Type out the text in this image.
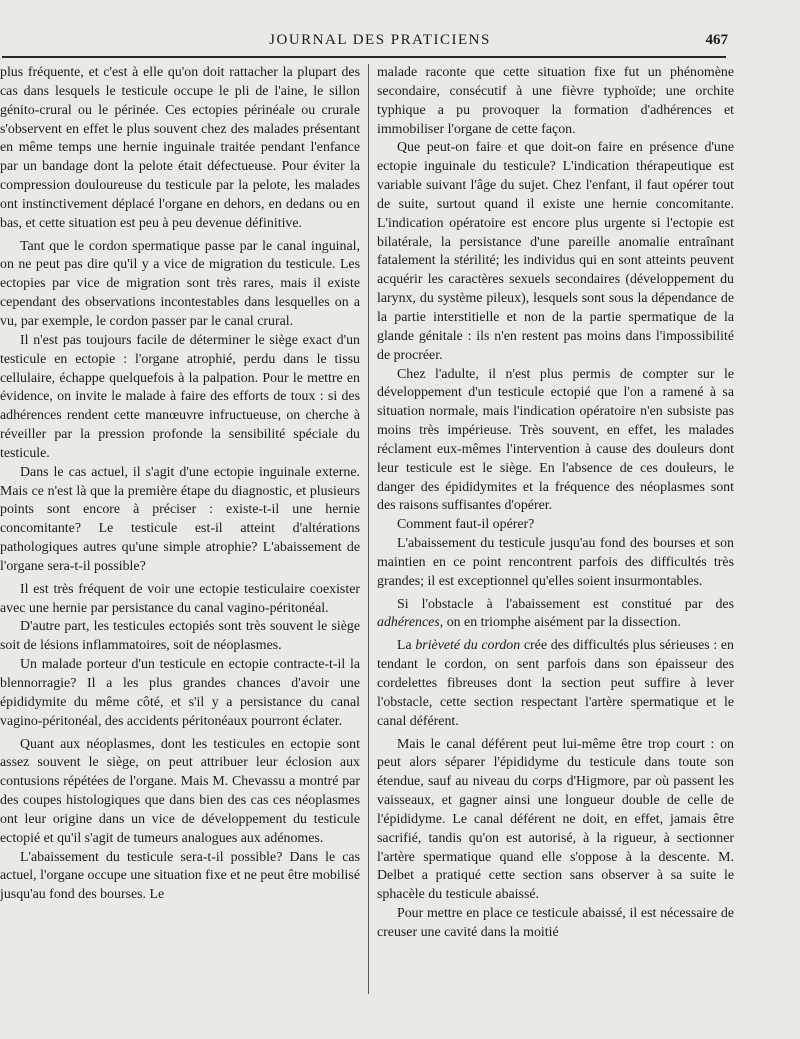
JOURNAL DES PRATICIENS	467

plus fréquente, et c'est à elle qu'on doit rattacher la plupart des cas dans lesquels le testicule occupe le pli de l'aine, le sillon génito-crural ou le périnée. Ces ectopies périnéale ou crurale s'observent en effet le plus souvent chez des malades présentant en même temps une hernie inguinale traitée pendant l'enfance par un bandage dont la pelote était défectueuse. Pour éviter la compression douloureuse du testicule par la pelote, les malades ont instinctivement déplacé l'organe en dehors, en dedans ou en bas, et cette situation est peu à peu devenue définitive.

Tant que le cordon spermatique passe par le canal inguinal, on ne peut pas dire qu'il y a vice de migration du testicule. Les ectopies par vice de migration sont très rares, mais il existe cependant des observations incontestables dans lesquelles on a vu, par exemple, le cordon passer par le canal crural.

Il n'est pas toujours facile de déterminer le siège exact d'un testicule en ectopie : l'organe atrophié, perdu dans le tissu cellulaire, échappe quelquefois à la palpation. Pour le mettre en évidence, on invite le malade à faire des efforts de toux : si des adhérences rendent cette manœuvre infructueuse, on cherche à réveiller par la pression profonde la sensibilité spéciale du testicule.

Dans le cas actuel, il s'agit d'une ectopie inguinale externe. Mais ce n'est là que la première étape du diagnostic, et plusieurs points sont encore à préciser : existe-t-il une hernie concomitante? Le testicule est-il atteint d'altérations pathologiques autres qu'une simple atrophie? L'abaissement de l'organe sera-t-il possible?

Il est très fréquent de voir une ectopie testiculaire coexister avec une hernie par persistance du canal vagino-péritonéal.

D'autre part, les testicules ectopiés sont très souvent le siège soit de lésions inflammatoires, soit de néoplasmes.

Un malade porteur d'un testicule en ectopie contracte-t-il la blennorragie? Il a les plus grandes chances d'avoir une épididymite du même côté, et s'il y a persistance du canal vagino-péritonéal, des accidents péritonéaux pourront éclater.

Quant aux néoplasmes, dont les testicules en ectopie sont assez souvent le siège, on peut attribuer leur éclosion aux contusions répétées de l'organe. Mais M. Chevassu a montré par des coupes histologiques que dans bien des cas ces néoplasmes ont leur origine dans un vice de développement du testicule ectopié et qu'il s'agit de tumeurs analogues aux adénomes.

L'abaissement du testicule sera-t-il possible? Dans le cas actuel, l'organe occupe une situation fixe et ne peut être mobilisé jusqu'au fond des bourses. Le

malade raconte que cette situation fixe fut un phénomène secondaire, consécutif à une fièvre typhoïde; une orchite typhique a pu provoquer la formation d'adhérences et immobiliser l'organe de cette façon.

Que peut-on faire et que doit-on faire en présence d'une ectopie inguinale du testicule? L'indication thérapeutique est variable suivant l'âge du sujet. Chez l'enfant, il faut opérer tout de suite, surtout quand il existe une hernie concomitante. L'indication opératoire est encore plus urgente si l'ectopie est bilatérale, la persistance d'une pareille anomalie entraînant fatalement la stérilité; les individus qui en sont atteints peuvent acquérir les caractères sexuels secondaires (développement du larynx, du système pileux), lesquels sont sous la dépendance de la partie interstitielle et non de la partie spermatique de la glande génitale : ils n'en restent pas moins dans l'impossibilité de procréer.

Chez l'adulte, il n'est plus permis de compter sur le développement d'un testicule ectopié que l'on a ramené à sa situation normale, mais l'indication opératoire n'en subsiste pas moins très impérieuse. Très souvent, en effet, les malades réclament eux-mêmes l'intervention à cause des douleurs dont leur testicule est le siège. En l'absence de ces douleurs, le danger des épididymites et la fréquence des néoplasmes sont des raisons suffisantes d'opérer.

Comment faut-il opérer?

L'abaissement du testicule jusqu'au fond des bourses et son maintien en ce point rencontrent parfois des difficultés très grandes; il est exceptionnel qu'elles soient insurmontables.

Si l'obstacle à l'abaissement est constitué par des adhérences, on en triomphe aisément par la dissection.

La brièveté du cordon crée des difficultés plus sérieuses : en tendant le cordon, on sent parfois dans son épaisseur des cordelettes fibreuses dont la section peut suffire à lever l'obstacle, cette section respectant l'artère spermatique et le canal déférent.

Mais le canal déférent peut lui-même être trop court : on peut alors séparer l'épididyme du testicule dans toute son étendue, sauf au niveau du corps d'Higmore, par où passent les vaisseaux, et gagner ainsi une longueur double de celle de l'épididyme. Le canal déférent ne doit, en effet, jamais être sacrifié, tandis qu'on est autorisé, à la rigueur, à sectionner l'artère spermatique quand elle s'oppose à la descente. M. Delbet a pratiqué cette section sans observer à sa suite le sphacèle du testicule abaissé.

Pour mettre en place ce testicule abaissé, il est nécessaire de creuser une cavité dans la moitié
